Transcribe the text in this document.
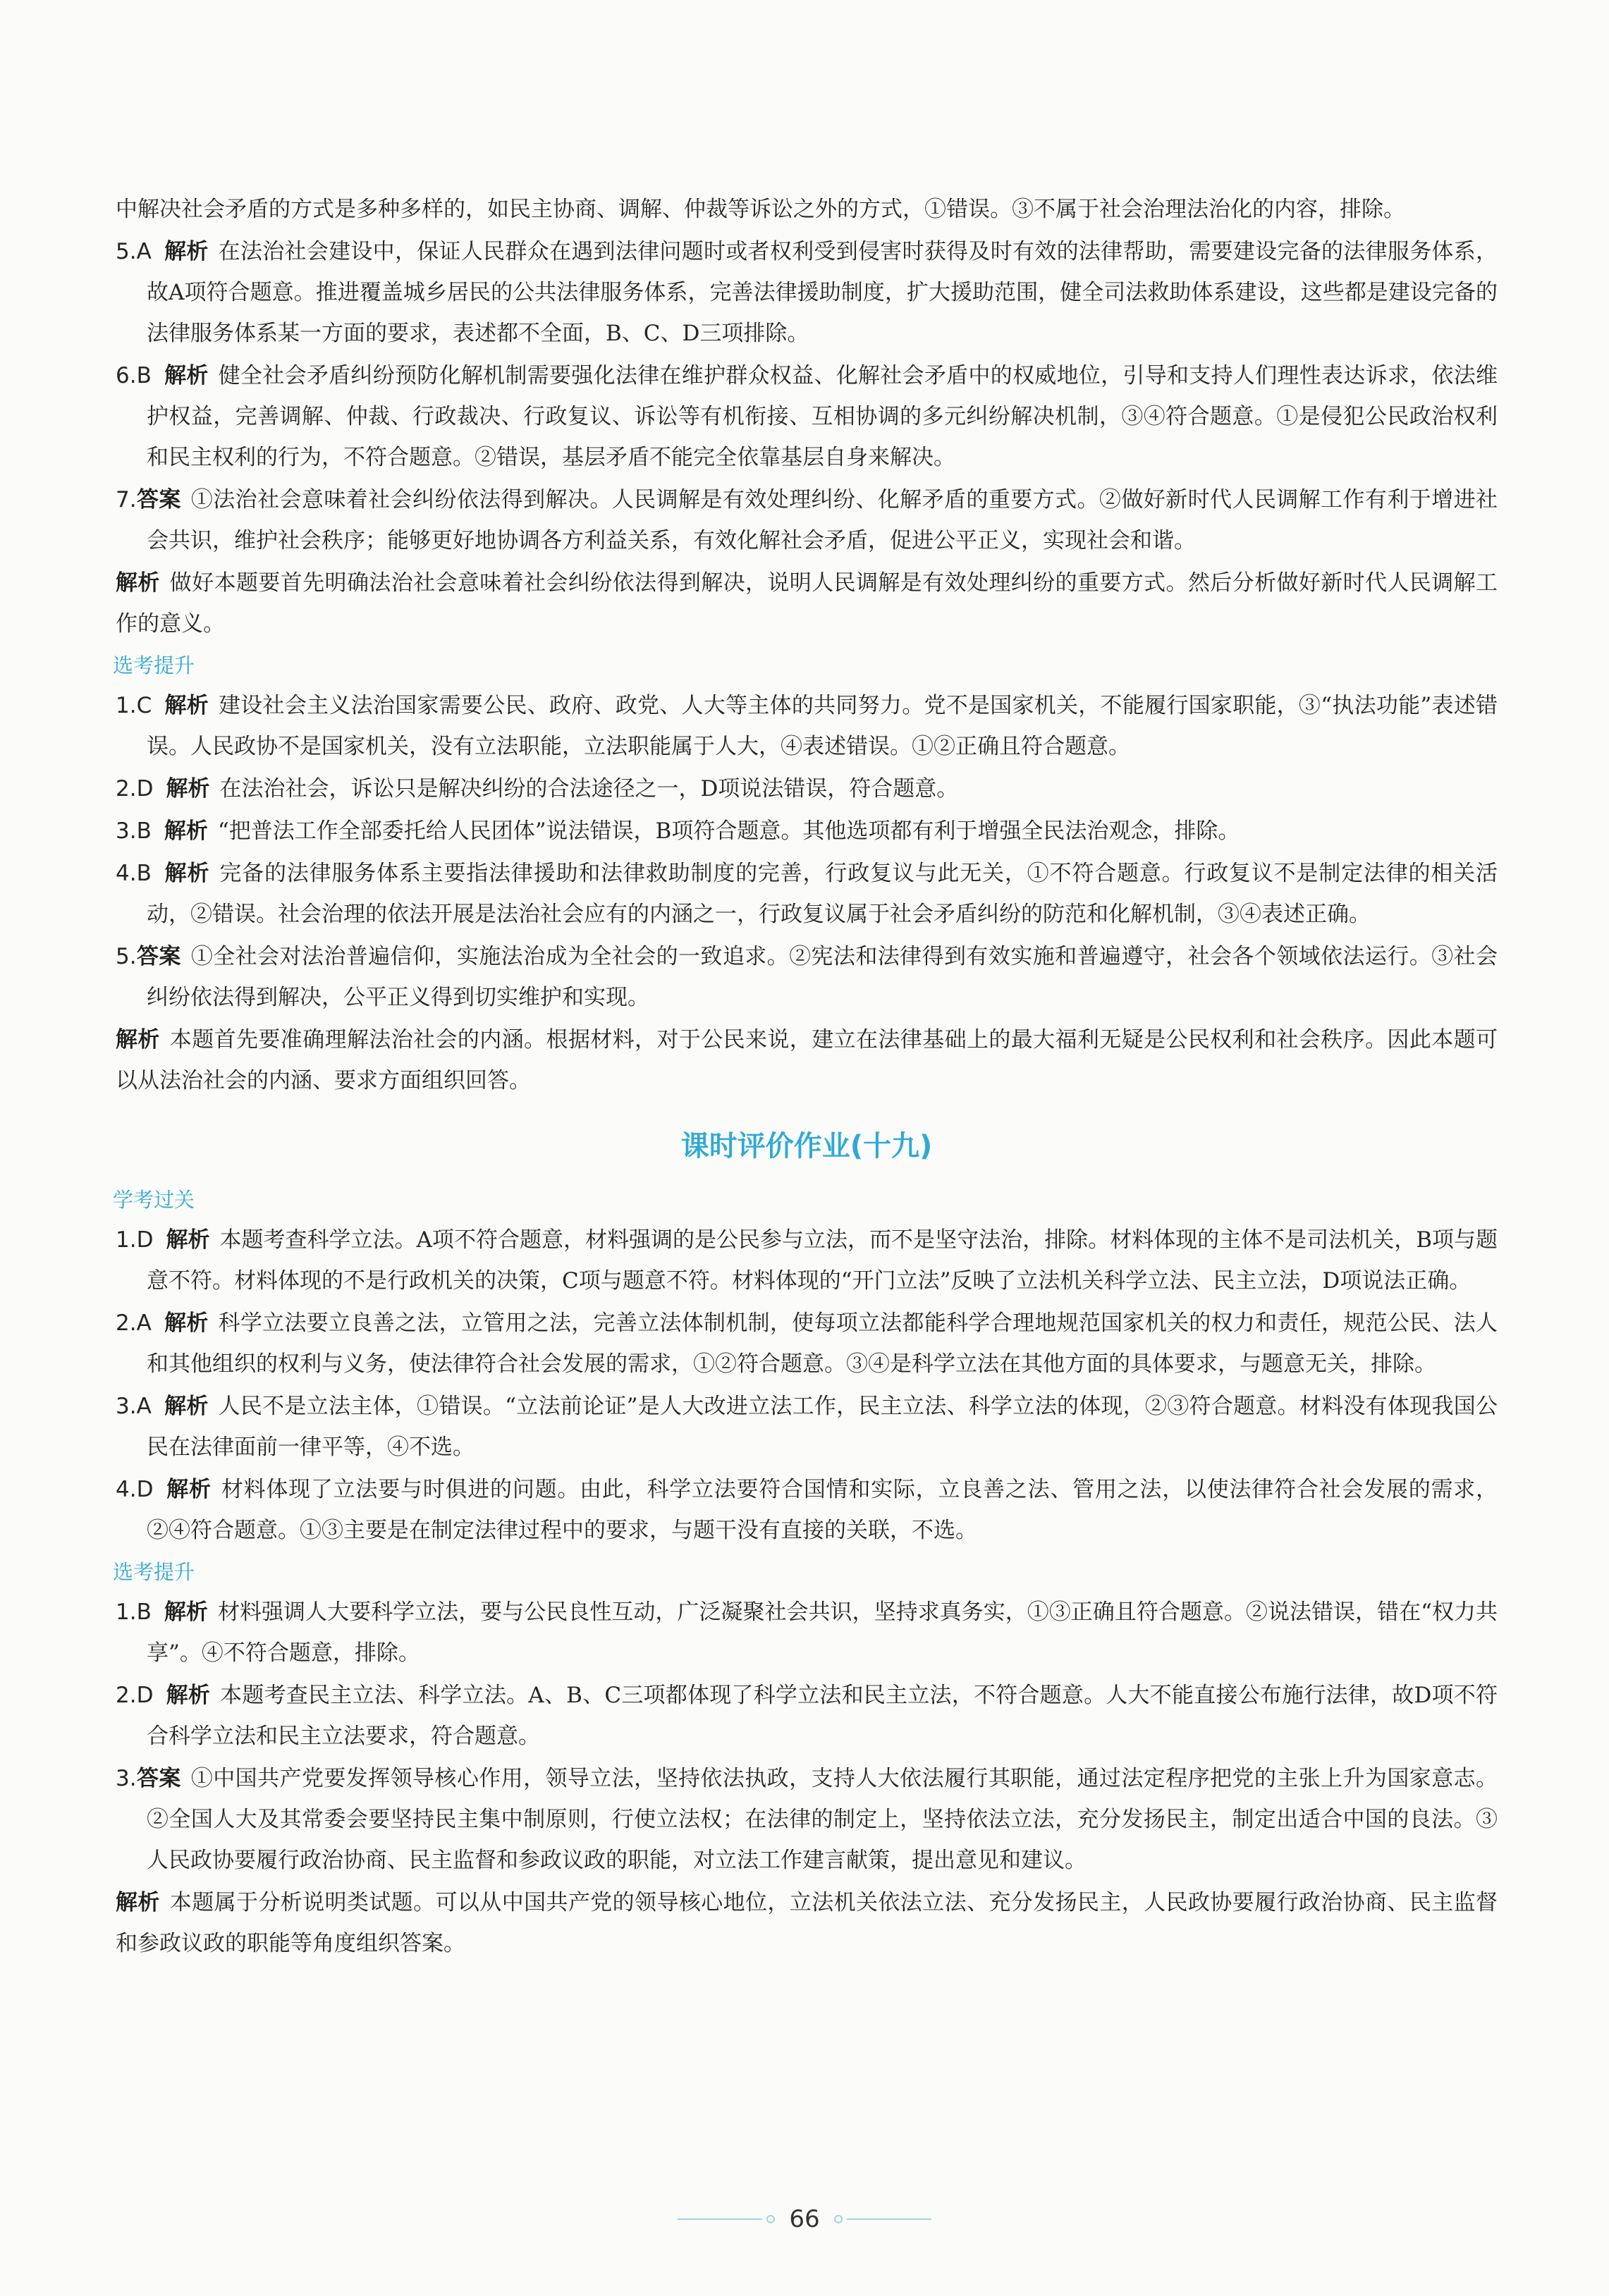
中解决社会矛盾的方式是多种多样的，如民主协商、调解、仲裁等诉讼之外的方式，①错误。③不属于社会治理法治化的内容，排除。

5.A 解析 在法治社会建设中，保证人民群众在遇到法律问题时或者权利受到侵害时获得及时有效的法律帮助，需要建设完备的法律服务体系，故A项符合题意。推进覆盖城乡居民的公共法律服务体系，完善法律援助制度，扩大援助范围，健全司法救助体系建设，这些都是建设完备的法律服务体系某一方面的要求，表述都不全面，B、C、D三项排除。

6.B 解析 健全社会矛盾纠纷预防化解机制需要强化法律在维护群众权益、化解社会矛盾中的权威地位，引导和支持人们理性表达诉求，依法维护权益，完善调解、仲裁、行政裁决、行政复议、诉讼等有机衔接、互相协调的多元纠纷解决机制，③④符合题意。①是侵犯公民政治权利和民主权利的行为，不符合题意。②错误，基层矛盾不能完全依靠基层自身来解决。

7.答案 ①法治社会意味着社会纠纷依法得到解决。人民调解是有效处理纠纷、化解矛盾的重要方式。②做好新时代人民调解工作有利于增进社会共识，维护社会秩序；能够更好地协调各方利益关系，有效化解社会矛盾，促进公平正义，实现社会和谐。

解析 做好本题要首先明确法治社会意味着社会纠纷依法得到解决，说明人民调解是有效处理纠纷的重要方式。然后分析做好新时代人民调解工作的意义。

选考提升

1.C 解析 建设社会主义法治国家需要公民、政府、政党、人大等主体的共同努力。党不是国家机关，不能履行国家职能，③“执法功能”表述错误。人民政协不是国家机关，没有立法职能，立法职能属于人大，④表述错误。①②正确且符合题意。

2.D 解析 在法治社会，诉讼只是解决纠纷的合法途径之一，D项说法错误，符合题意。

3.B 解析 “把普法工作全部委托给人民团体”说法错误，B项符合题意。其他选项都有利于增强全民法治观念，排除。

4.B 解析 完备的法律服务体系主要指法律援助和法律救助制度的完善，行政复议与此无关，①不符合题意。行政复议不是制定法律的相关活动，②错误。社会治理的依法开展是法治社会应有的内涵之一，行政复议属于社会矛盾纠纷的防范和化解机制，③④表述正确。

5.答案 ①全社会对法治普遍信仰，实施法治成为全社会的一致追求。②宪法和法律得到有效实施和普遍遵守，社会各个领域依法运行。③社会纠纷依法得到解决，公平正义得到切实维护和实现。

解析 本题首先要准确理解法治社会的内涵。根据材料，对于公民来说，建立在法律基础上的最大福利无疑是公民权利和社会秩序。因此本题可以从法治社会的内涵、要求方面组织回答。

课时评价作业(十九)
学考过关

1.D 解析 本题考查科学立法。A项不符合题意，材料强调的是公民参与立法，而不是坚守法治，排除。材料体现的主体不是司法机关，B项与题意不符。材料体现的不是行政机关的决策，C项与题意不符。材料体现的“开门立法”反映了立法机关科学立法、民主立法，D项说法正确。

2.A 解析 科学立法要立良善之法，立管用之法，完善立法体制机制，使每项立法都能科学合理地规范国家机关的权力和责任，规范公民、法人和其他组织的权利与义务，使法律符合社会发展的需求，①②符合题意。③④是科学立法在其他方面的具体要求，与题意无关，排除。

3.A 解析 人民不是立法主体，①错误。“立法前论证”是人大改进立法工作，民主立法、科学立法的体现，②③符合题意。材料没有体现我国公民在法律面前一律平等，④不选。

4.D 解析 材料体现了立法要与时俱进的问题。由此，科学立法要符合国情和实际，立良善之法、管用之法，以使法律符合社会发展的需求，②④符合题意。①③主要是在制定法律过程中的要求，与题干没有直接的关联，不选。

选考提升

1.B 解析 材料强调人大要科学立法，要与公民良性互动，广泛凝聚社会共识，坚持求真务实，①③正确且符合题意。②说法错误，错在“权力共享”。④不符合题意，排除。

2.D 解析 本题考查民主立法、科学立法。A、B、C三项都体现了科学立法和民主立法，不符合题意。人大不能直接公布施行法律，故D项不符合科学立法和民主立法要求，符合题意。

3.答案 ①中国共产党要发挥领导核心作用，领导立法，坚持依法执政，支持人大依法履行其职能，通过法定程序把党的主张上升为国家意志。②全国人大及其常委会要坚持民主集中制原则，行使立法权；在法律的制定上，坚持依法立法，充分发扬民主，制定出适合中国的良法。③人民政协要履行政治协商、民主监督和参政议政的职能，对立法工作建言献策，提出意见和建议。

解析 本题属于分析说明类试题。可以从中国共产党的领导核心地位，立法机关依法立法、充分发扬民主，人民政协要履行政治协商、民主监督和参政议政的职能等角度组织答案。

66
